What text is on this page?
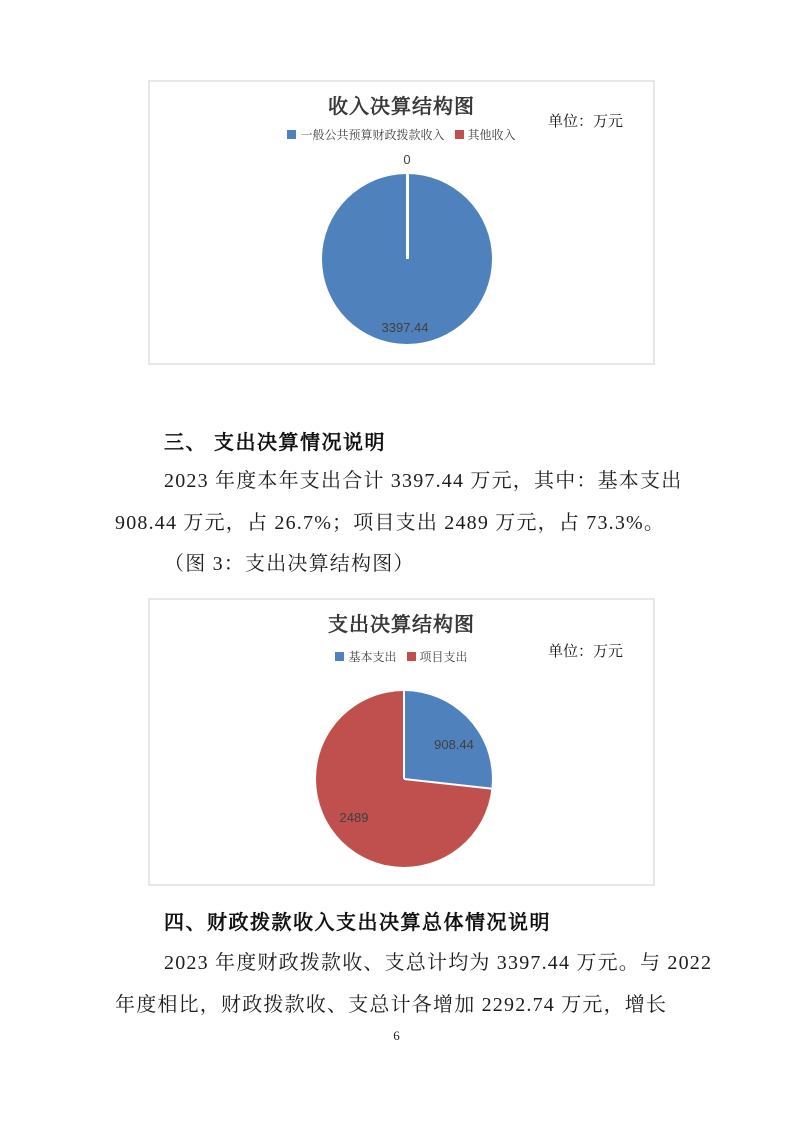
收入决算结构图
单位：万元
一般公共预算财政拨款收入 其他收入
0
3397.44
三、 支出决算情况说明

2023 年度本年支出合计 3397.44 万元，其中：基本支出

908.44 万元，占 26.7%；项目支出 2489 万元，占 73.3%。

（图 3：支出决算结构图）

支出决算结构图
单位：万元
基本支出 项目支出
908.44
2489
四、财政拨款收入支出决算总体情况说明

2023 年度财政拨款收、支总计均为 3397.44 万元。与 2022

年度相比，财政拨款收、支总计各增加 2292.74 万元，增长

6
